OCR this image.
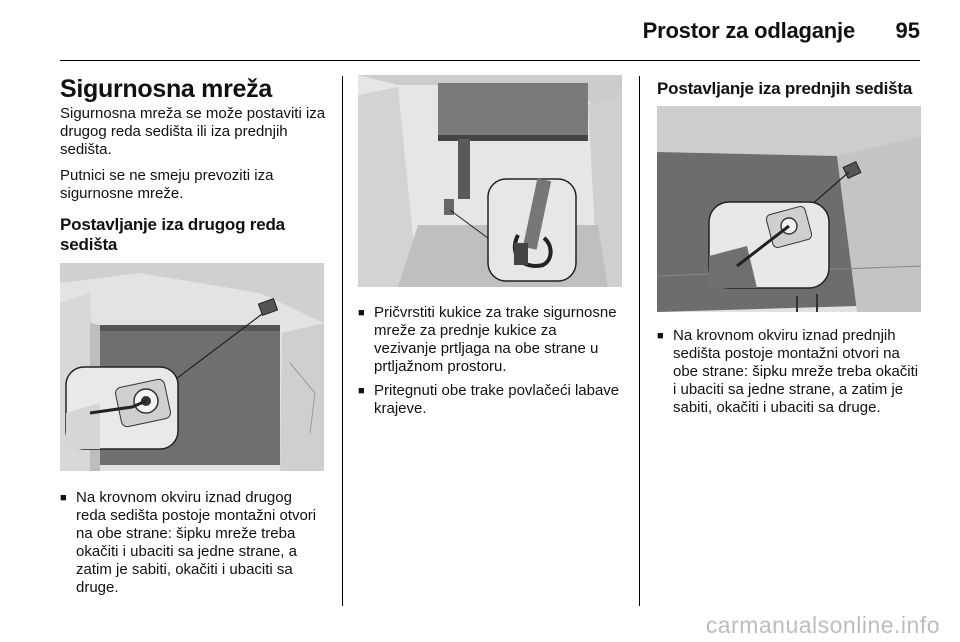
Prostor za odlaganje	95
Sigurnosna mreža

Sigurnosna mreža se može postaviti iza drugog reda sedišta ili iza prednjih sedišta.

Putnici se ne smeju prevoziti iza sigurnosne mreže.

Postavljanje iza drugog reda sedišta
■ Na krovnom okviru iznad drugog reda sedišta postoje montažni otvori na obe strane: šipku mreže treba okačiti i ubaciti sa jedne strane, a zatim je sabiti, okačiti i ubaciti sa druge.
■ Pričvrstiti kukice za trake sigurnosne mreže za prednje kukice za vezivanje prtljaga na obe strane u prtljažnom prostoru.
■ Pritegnuti obe trake povlačeći labave krajeve.
Postavljanje iza prednjih sedišta
■ Na krovnom okviru iznad prednjih sedišta postoje montažni otvori na obe strane: šipku mreže treba okačiti i ubaciti sa jedne strane, a zatim je sabiti, okačiti i ubaciti sa druge.
carmanualsonline.info
